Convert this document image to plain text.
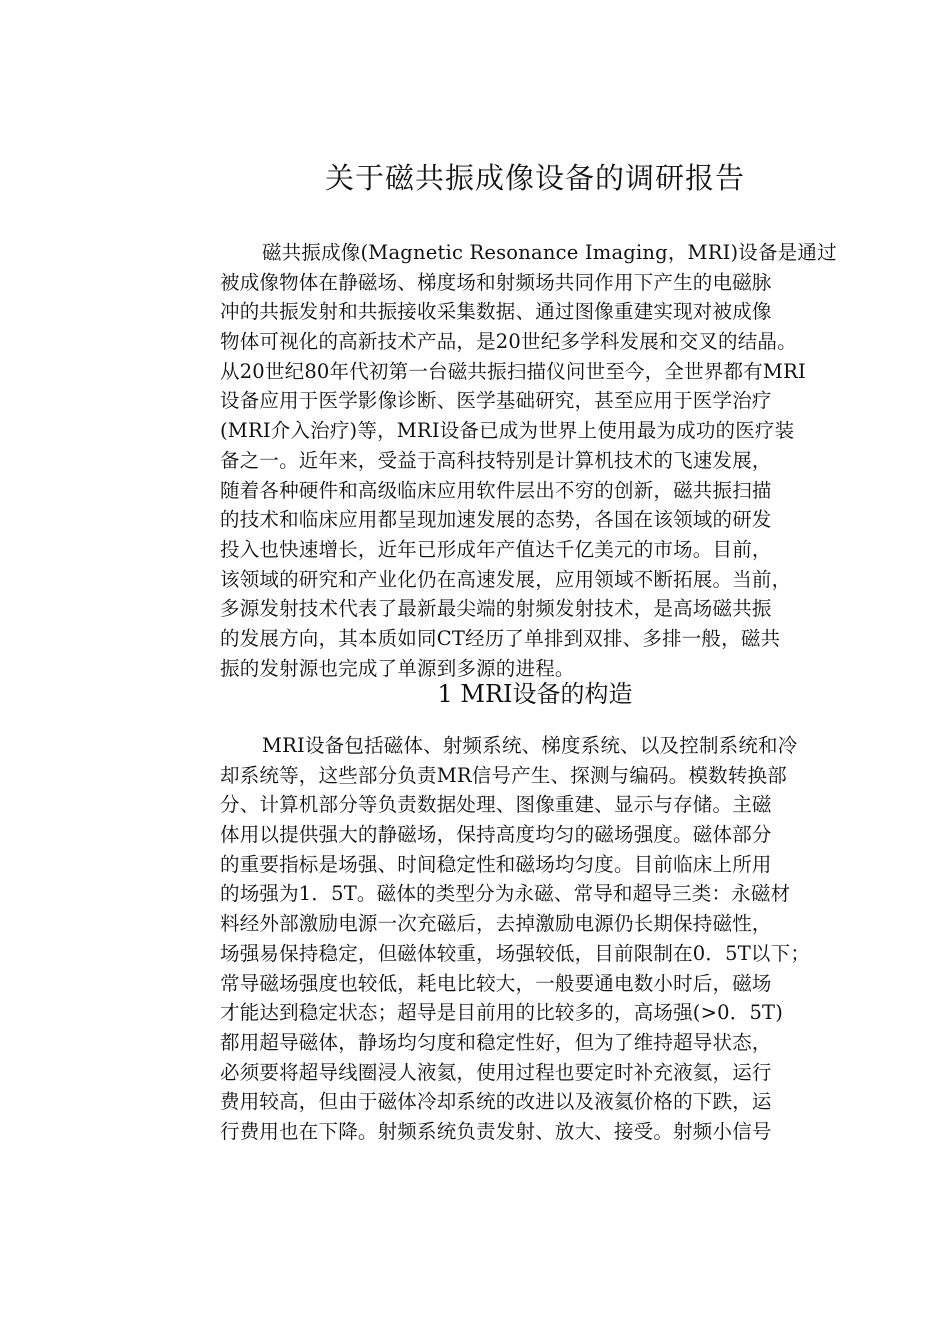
关于磁共振成像设备的调研报告
磁共振成像(Magnetic Resonance Imaging，MRI)设备是通过
被成像物体在静磁场、梯度场和射频场共同作用下产生的电磁脉
冲的共振发射和共振接收采集数据、通过图像重建实现对被成像
物体可视化的高新技术产品，是20世纪多学科发展和交叉的结晶。
从20世纪80年代初第一台磁共振扫描仪问世至今，全世界都有MRI
设备应用于医学影像诊断、医学基础研究，甚至应用于医学治疗
(MRI介入治疗)等，MRI设备已成为世界上使用最为成功的医疗装
备之一。近年来，受益于高科技特别是计算机技术的飞速发展，
随着各种硬件和高级临床应用软件层出不穷的创新，磁共振扫描
的技术和临床应用都呈现加速发展的态势，各国在该领域的研发
投入也快速增长，近年已形成年产值达千亿美元的市场。目前，
该领域的研究和产业化仍在高速发展，应用领域不断拓展。当前，
多源发射技术代表了最新最尖端的射频发射技术，是高场磁共振
的发展方向，其本质如同CT经历了单排到双排、多排一般，磁共
振的发射源也完成了单源到多源的进程。
1 MRI设备的构造
MRI设备包括磁体、射频系统、梯度系统、以及控制系统和冷
却系统等，这些部分负责MR信号产生、探测与编码。模数转换部
分、计算机部分等负责数据处理、图像重建、显示与存储。主磁
体用以提供强大的静磁场，保持高度均匀的磁场强度。磁体部分
的重要指标是场强、时间稳定性和磁场均匀度。目前临床上所用
的场强为1．5T。磁体的类型分为永磁、常导和超导三类：永磁材
料经外部激励电源一次充磁后，去掉激励电源仍长期保持磁性，
场强易保持稳定，但磁体较重，场强较低，目前限制在0．5T以下；
常导磁场强度也较低，耗电比较大，一般要通电数小时后，磁场
才能达到稳定状态；超导是目前用的比较多的，高场强(>0．5T)
都用超导磁体，静场均匀度和稳定性好，但为了维持超导状态，
必须要将超导线圈浸人液氦，使用过程也要定时补充液氦，运行
费用较高，但由于磁体冷却系统的改进以及液氦价格的下跌，运
行费用也在下降。射频系统负责发射、放大、接受。射频小信号
